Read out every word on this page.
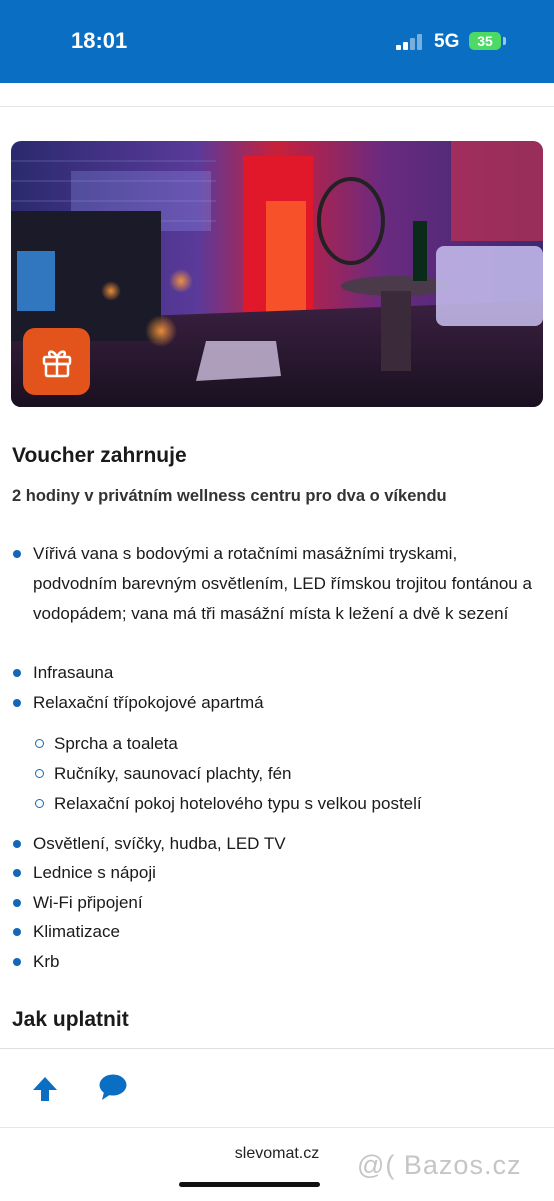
18:01	5G	35
Voucher zahrnuje
2 hodiny v privátním wellness centru pro dva o víkendu
Vířivá vana s bodovými a rotačními masážními tryskami, podvodním barevným osvětlením, LED římskou trojitou fontánou a vodopádem; vana má tři masážní místa k ležení a dvě k sezení
Infrasauna
Relaxační třípokojové apartmá
Sprcha a toaleta
Ručníky, saunovací plachty, fén
Relaxační pokoj hotelového typu s velkou postelí
Osvětlení, svíčky, hudba, LED TV
Lednice s nápoji
Wi-Fi připojení
Klimatizace
Krb
Jak uplatnit
slevomat.cz	@( Bazos.cz
